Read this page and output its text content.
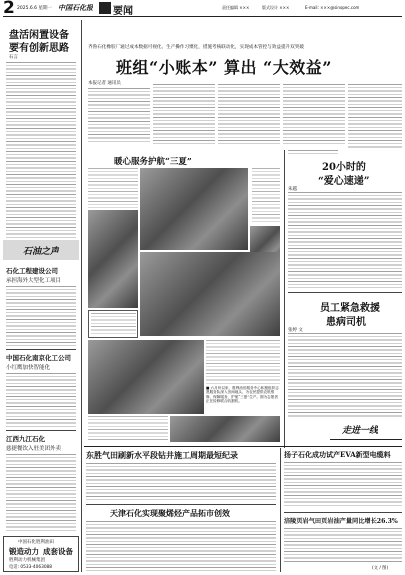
2 2025.6.6 星期一 中国石化报 要闻	责任编辑 ×××	版式设计 ×××	E-mail: ×××@sinopec.com
盘活闲置设备
要有创新思路
石言
石油之声
石化工程建设公司
承担海外大型化工项目
中国石化南京化工公司
小红鹰加快智能化
江西九江石化
慈捷餐饮入驻美团外卖
中国石化胜利油田
锻造动力 成套设备
胜利动力机械集团
电话: 0533-4063088
齐鲁石化橡胶厂通过成本数据可视化、生产操作习惯化，措施考核联动化，实现成本管控与效益提升双突破
班组“小账本” 算出 “大效益”
本报记者 通讯员
暖心服务护航“三夏”
■ 六月份以来，胜利油田服务中心积极组织志愿服务队深入田间地头，为农民提供农机维修、保障服务，护航“三夏”生产。图为志愿者正在检修联合收割机。
20小时的
“爱心速递”
朱越
员工紧急救援
患病司机
张婷 文
走进一线
东胜气田刷新水平段钻井施工周期最短纪录
天津石化实现聚烯烃产品拓市创效
扬子石化成功试产EVA新型电缆料
涪陵页岩气田页岩油产量同比增长26.3%
(文 / 图)
